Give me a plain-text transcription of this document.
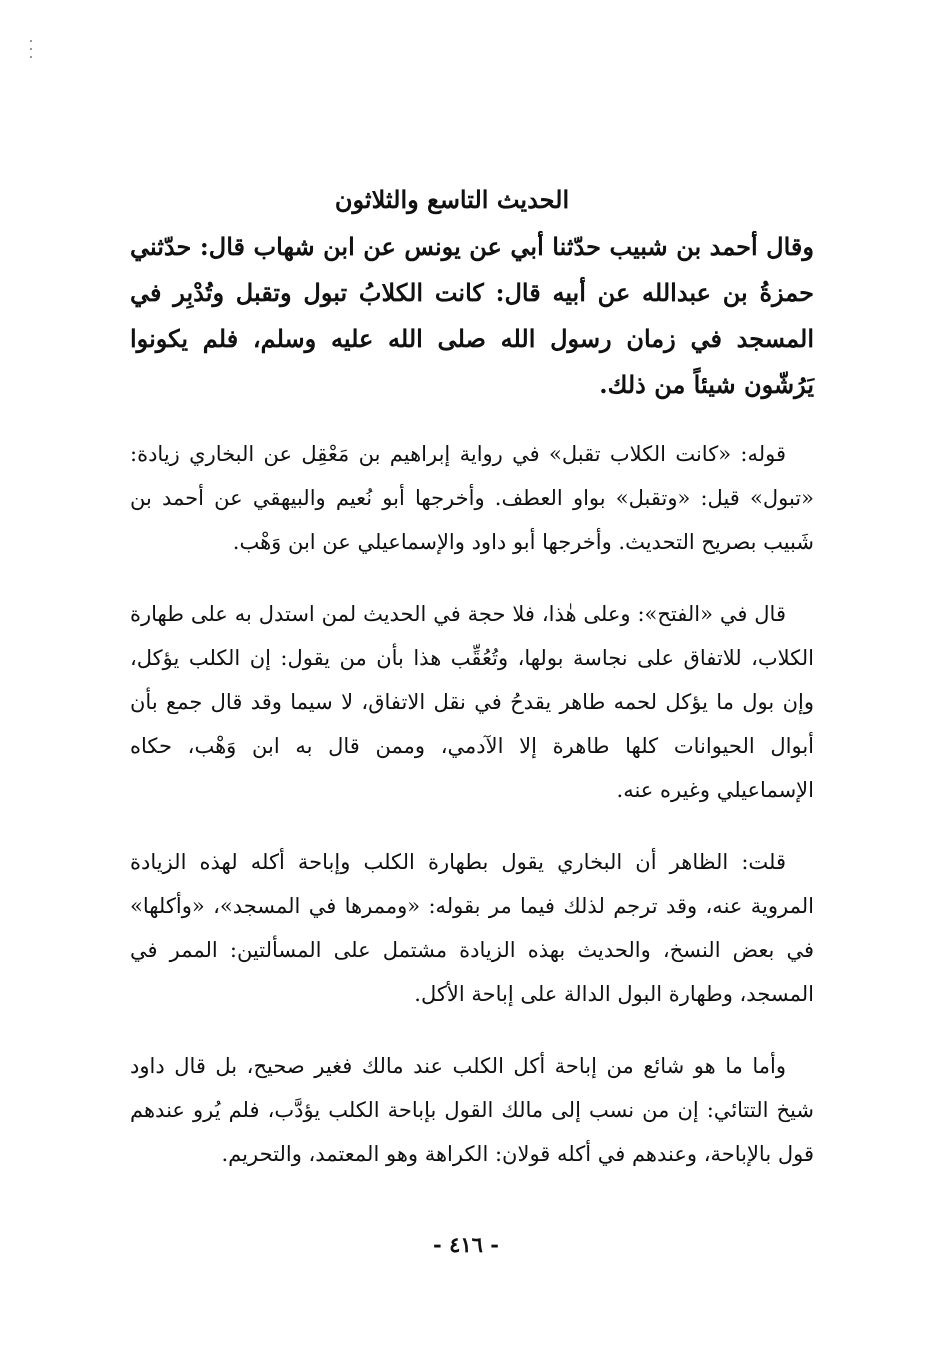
الحديث التاسع والثلاثون

وقال أحمد بن شبيب حدّثنا أبي عن يونس عن ابن شهاب قال: حدّثني حمزةُ بن عبدالله عن أبيه قال: كانت الكلابُ تبول وتقبل وتُدْبِر في المسجد في زمان رسول الله صلى الله عليه وسلم، فلم يكونوا يَرُشّون شيئاً من ذلك.

قوله: «كانت الكلاب تقبل» في رواية إبراهيم بن مَعْقِل عن البخاري زيادة: «تبول» قيل: «وتقبل» بواو العطف. وأخرجها أبو نُعيم والبيهقي عن أحمد بن شَبيب بصريح التحديث. وأخرجها أبو داود والإسماعيلي عن ابن وَهْب.

قال في «الفتح»: وعلى هٰذا، فلا حجة في الحديث لمن استدل به على طهارة الكلاب، للاتفاق على نجاسة بولها، وتُعُقِّب هذا بأن من يقول: إن الكلب يؤكل، وإن بول ما يؤكل لحمه طاهر يقدحُ في نقل الاتفاق، لا سيما وقد قال جمع بأن أبوال الحيوانات كلها طاهرة إلا الآدمي، وممن قال به ابن وَهْب، حكاه الإسماعيلي وغيره عنه.

قلت: الظاهر أن البخاري يقول بطهارة الكلب وإباحة أكله لهذه الزيادة المروية عنه، وقد ترجم لذلك فيما مر بقوله: «وممرها في المسجد»، «وأكلها» في بعض النسخ، والحديث بهذه الزيادة مشتمل على المسألتين: الممر في المسجد، وطهارة البول الدالة على إباحة الأكل.

وأما ما هو شائع من إباحة أكل الكلب عند مالك فغير صحيح، بل قال داود شيخ التتائي: إن من نسب إلى مالك القول بإباحة الكلب يؤدَّب، فلم يُرو عندهم قول بالإباحة، وعندهم في أكله قولان: الكراهة وهو المعتمد، والتحريم.

- ٤١٦ -
